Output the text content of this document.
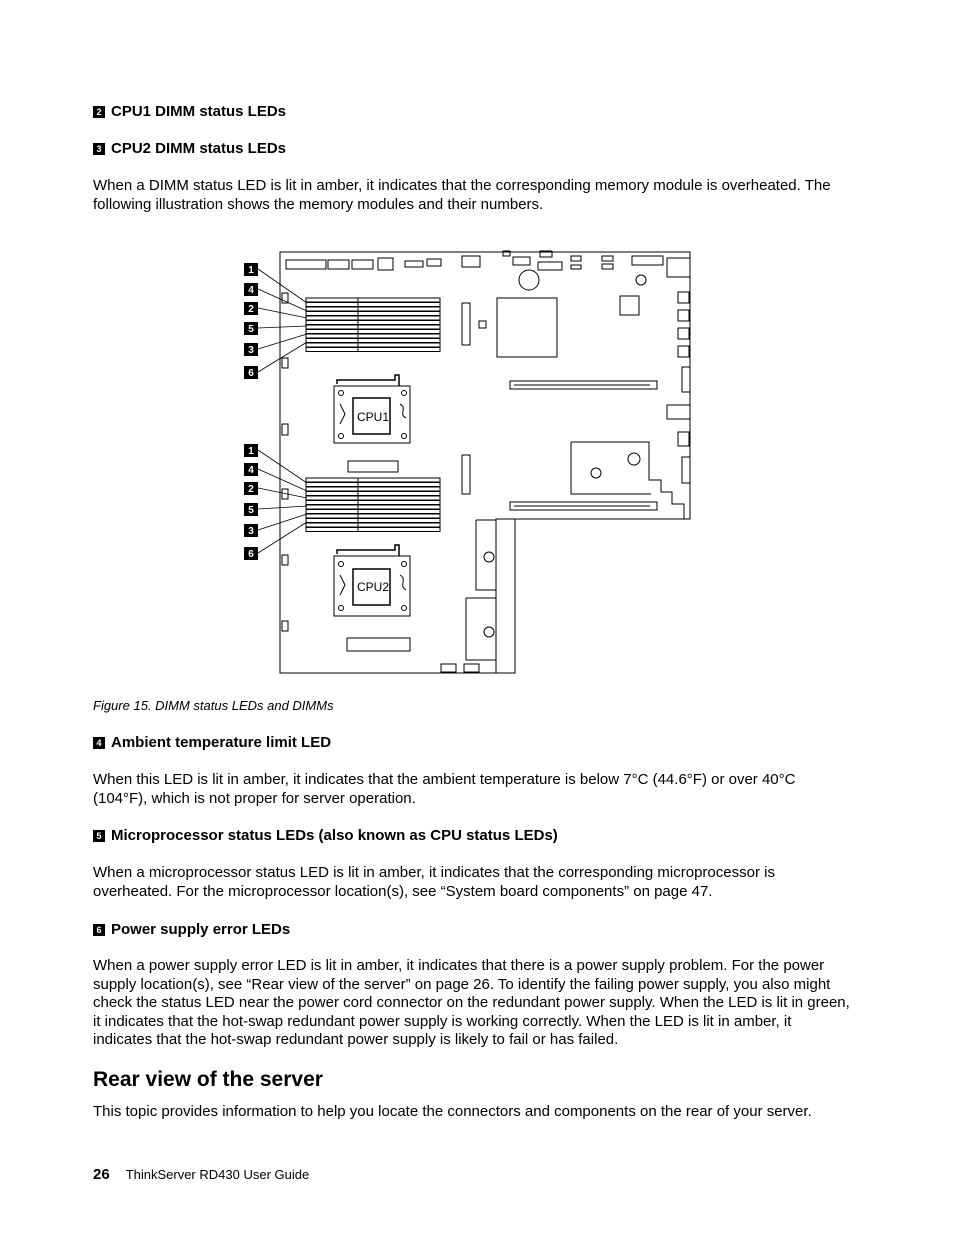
2 CPU1 DIMM status LEDs
3 CPU2 DIMM status LEDs
When a DIMM status LED is lit in amber, it indicates that the corresponding memory module is overheated. The following illustration shows the memory modules and their numbers.
CPU1
CPU2
1
4
2
5
3
6
1
4
2
5
3
6
Figure 15. DIMM status LEDs and DIMMs
4 Ambient temperature limit LED
When this LED is lit in amber, it indicates that the ambient temperature is below 7°C (44.6°F) or over 40°C (104°F), which is not proper for server operation.
5 Microprocessor status LEDs (also known as CPU status LEDs)
When a microprocessor status LED is lit in amber, it indicates that the corresponding microprocessor is overheated. For the microprocessor location(s), see “System board components” on page 47.
6 Power supply error LEDs
When a power supply error LED is lit in amber, it indicates that there is a power supply problem. For the power supply location(s), see “Rear view of the server” on page 26. To identify the failing power supply, you also might check the status LED near the power cord connector on the redundant power supply. When the LED is lit in green, it indicates that the hot-swap redundant power supply is working correctly. When the LED is lit in amber, it indicates that the hot-swap redundant power supply is likely to fail or has failed.
Rear view of the server
This topic provides information to help you locate the connectors and components on the rear of your server.
26 ThinkServer RD430 User Guide
